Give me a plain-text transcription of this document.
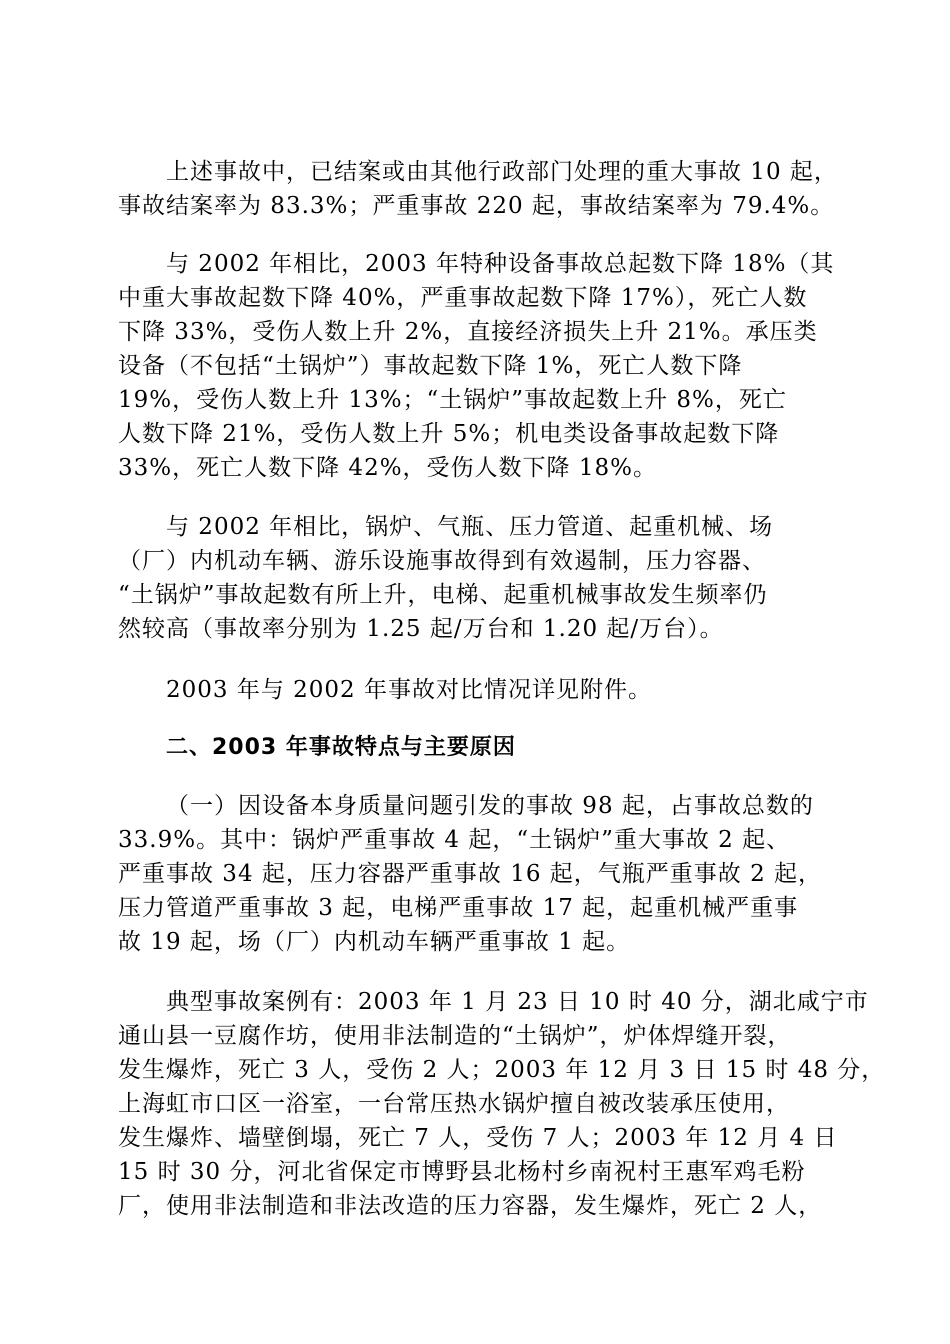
上述事故中，已结案或由其他行政部门处理的重大事故 10 起，
事故结案率为 83.3%；严重事故 220 起，事故结案率为 79.4%。
与 2002 年相比，2003 年特种设备事故总起数下降 18%（其
中重大事故起数下降 40%，严重事故起数下降 17%），死亡人数
下降 33%，受伤人数上升 2%，直接经济损失上升 21%。承压类
设备（不包括“土锅炉”）事故起数下降 1%，死亡人数下降
19%，受伤人数上升 13%；“土锅炉”事故起数上升 8%，死亡
人数下降 21%，受伤人数上升 5%；机电类设备事故起数下降
33%，死亡人数下降 42%，受伤人数下降 18%。
与 2002 年相比，锅炉、气瓶、压力管道、起重机械、场
（厂）内机动车辆、游乐设施事故得到有效遏制，压力容器、
“土锅炉”事故起数有所上升，电梯、起重机械事故发生频率仍
然较高（事故率分别为 1.25 起/万台和 1.20 起/万台）。
2003 年与 2002 年事故对比情况详见附件。
二、2003 年事故特点与主要原因
（一）因设备本身质量问题引发的事故 98 起，占事故总数的
33.9%。其中：锅炉严重事故 4 起，“土锅炉”重大事故 2 起、
严重事故 34 起，压力容器严重事故 16 起，气瓶严重事故 2 起，
压力管道严重事故 3 起，电梯严重事故 17 起，起重机械严重事
故 19 起，场（厂）内机动车辆严重事故 1 起。
典型事故案例有：2003 年 1 月 23 日 10 时 40 分，湖北咸宁市
通山县一豆腐作坊，使用非法制造的“土锅炉”，炉体焊缝开裂，
发生爆炸，死亡 3 人，受伤 2 人；2003 年 12 月 3 日 15 时 48 分，
上海虹市口区一浴室，一台常压热水锅炉擅自被改装承压使用，
发生爆炸、墙壁倒塌，死亡 7 人，受伤 7 人；2003 年 12 月 4 日
15 时 30 分，河北省保定市博野县北杨村乡南祝村王惠军鸡毛粉
厂，使用非法制造和非法改造的压力容器，发生爆炸，死亡 2 人，
